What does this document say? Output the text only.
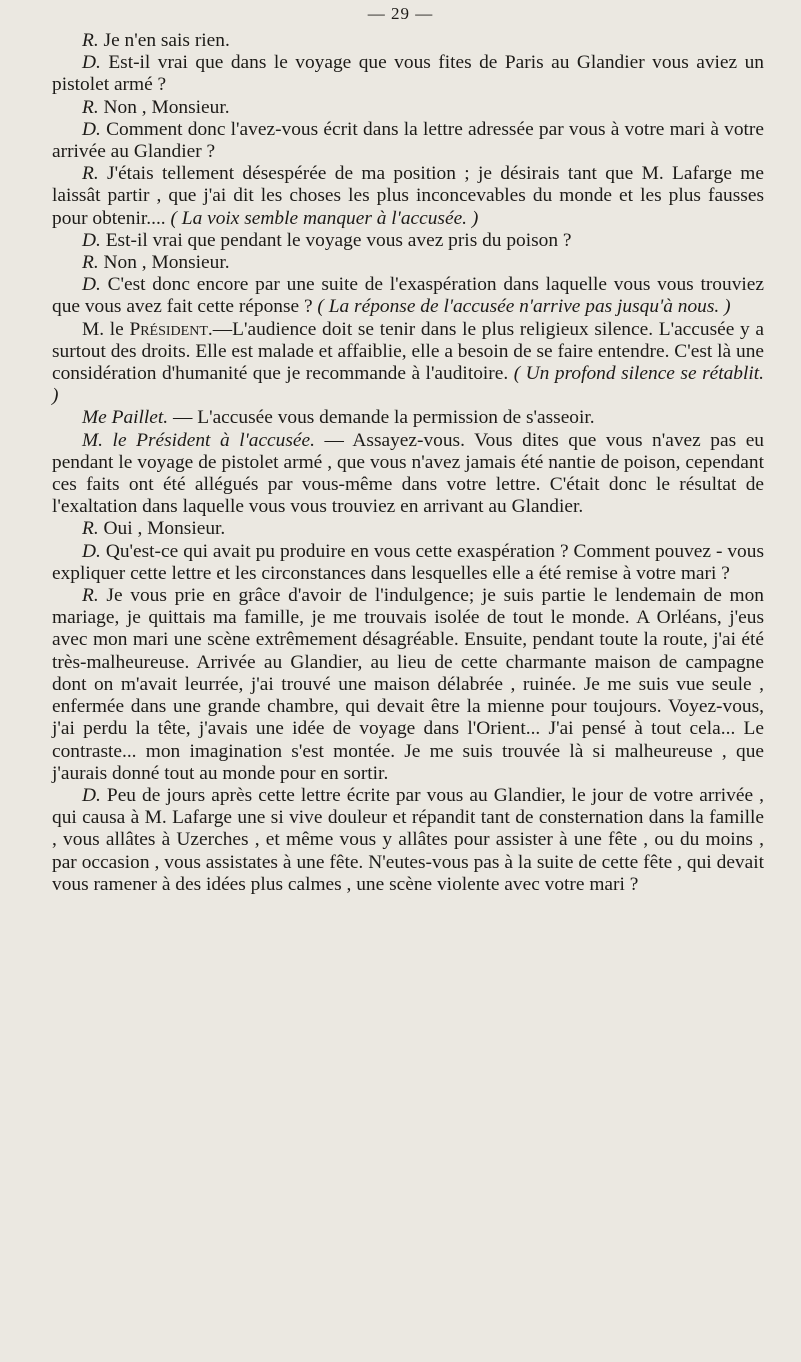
— 29 —

R. Je n'en sais rien.

D. Est-il vrai que dans le voyage que vous fites de Paris au Glandier vous aviez un pistolet armé ?

R. Non , Monsieur.

D. Comment donc l'avez-vous écrit dans la lettre adressée par vous à votre mari à votre arrivée au Glandier ?

R. J'étais tellement désespérée de ma position ; je désirais tant que M. Lafarge me laissât partir , que j'ai dit les choses les plus inconcevables du monde et les plus fausses pour obtenir.... ( La voix semble manquer à l'accusée. )

D. Est-il vrai que pendant le voyage vous avez pris du poison ?

R. Non , Monsieur.

D. C'est donc encore par une suite de l'exaspération dans laquelle vous vous trouviez que vous avez fait cette réponse ? ( La réponse de l'accusée n'arrive pas jusqu'à nous. )

M. le Président.—L'audience doit se tenir dans le plus religieux silence. L'accusée y a surtout des droits. Elle est malade et affaiblie, elle a besoin de se faire entendre. C'est là une considération d'humanité que je recommande à l'auditoire. ( Un profond silence se rétablit. )

Me Paillet. — L'accusée vous demande la permission de s'asseoir.

M. le Président à l'accusée. — Assayez-vous. Vous dites que vous n'avez pas eu pendant le voyage de pistolet armé , que vous n'avez jamais été nantie de poison, cependant ces faits ont été allégués par vous-même dans votre lettre. C'était donc le résultat de l'exaltation dans laquelle vous vous trouviez en arrivant au Glandier.

R. Oui , Monsieur.

D. Qu'est-ce qui avait pu produire en vous cette exaspération ? Comment pouvez - vous expliquer cette lettre et les circonstances dans lesquelles elle a été remise à votre mari ?

R. Je vous prie en grâce d'avoir de l'indulgence; je suis partie le lendemain de mon mariage, je quittais ma famille, je me trouvais isolée de tout le monde. A Orléans, j'eus avec mon mari une scène extrêmement désagréable. Ensuite, pendant toute la route, j'ai été très-malheureuse. Arrivée au Glandier, au lieu de cette charmante maison de campagne dont on m'avait leurrée, j'ai trouvé une maison délabrée , ruinée. Je me suis vue seule , enfermée dans une grande chambre, qui devait être la mienne pour toujours. Voyez-vous, j'ai perdu la tête, j'avais une idée de voyage dans l'Orient... J'ai pensé à tout cela... Le contraste... mon imagination s'est montée. Je me suis trouvée là si malheureuse , que j'aurais donné tout au monde pour en sortir.

D. Peu de jours après cette lettre écrite par vous au Glandier, le jour de votre arrivée , qui causa à M. Lafarge une si vive douleur et répandit tant de consternation dans la famille , vous allâtes à Uzerches , et même vous y allâtes pour assister à une fête , ou du moins , par occasion , vous assistates à une fête. N'eutes-vous pas à la suite de cette fête , qui devait vous ramener à des idées plus calmes , une scène violente avec votre mari ?
